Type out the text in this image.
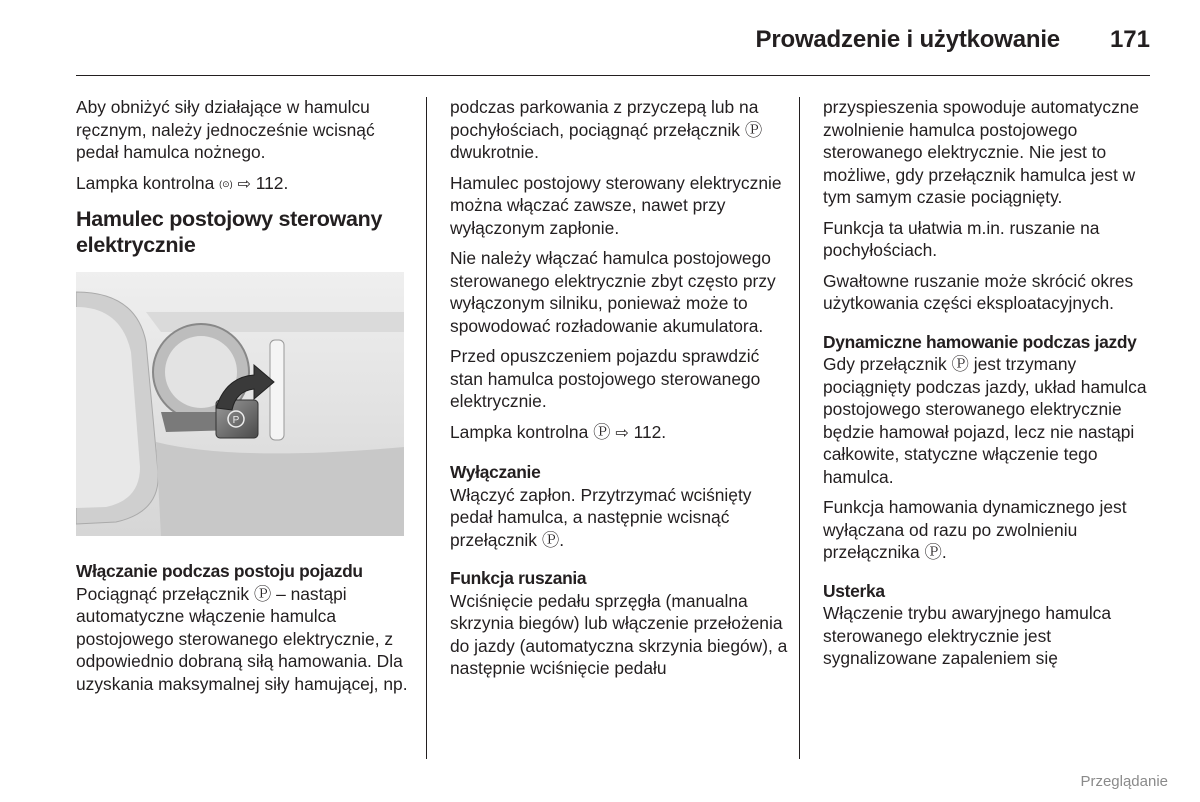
Prowadzenie i użytkowanie 171

Aby obniżyć siły działające w hamulcu ręcznym, należy jednocześnie wcisnąć pedał hamulca nożnego.

Lampka kontrolna (⊙) ⇨ 112.

Hamulec postojowy sterowany elektrycznie
P
Włączanie podczas postoju pojazdu

Pociągnąć przełącznik Ⓟ – nastąpi automatyczne włączenie hamulca postojowego sterowanego elektrycznie, z odpowiednio dobraną siłą hamowania. Dla uzyskania maksymalnej siły hamującej, np.

podczas parkowania z przyczepą lub na pochyłościach, pociągnąć przełącznik Ⓟ dwukrotnie.

Hamulec postojowy sterowany elektrycznie można włączać zawsze, nawet przy wyłączonym zapłonie.

Nie należy włączać hamulca postojowego sterowanego elektrycznie zbyt często przy wyłączonym silniku, ponieważ może to spowodować rozładowanie akumulatora.

Przed opuszczeniem pojazdu sprawdzić stan hamulca postojowego sterowanego elektrycznie.

Lampka kontrolna Ⓟ ⇨ 112.

Wyłączanie

Włączyć zapłon. Przytrzymać wciśnięty pedał hamulca, a następnie wcisnąć przełącznik Ⓟ.

Funkcja ruszania

Wciśnięcie pedału sprzęgła (manualna skrzynia biegów) lub włączenie przełożenia do jazdy (automatyczna skrzynia biegów), a następnie wciśnięcie pedału

przyspieszenia spowoduje automatyczne zwolnienie hamulca postojowego sterowanego elektrycznie. Nie jest to możliwe, gdy przełącznik hamulca jest w tym samym czasie pociągnięty.

Funkcja ta ułatwia m.in. ruszanie na pochyłościach.

Gwałtowne ruszanie może skrócić okres użytkowania części eksploatacyjnych.

Dynamiczne hamowanie podczas jazdy

Gdy przełącznik Ⓟ jest trzymany pociągnięty podczas jazdy, układ hamulca postojowego sterowanego elektrycznie będzie hamował pojazd, lecz nie nastąpi całkowite, statyczne włączenie tego hamulca.

Funkcja hamowania dynamicznego jest wyłączana od razu po zwolnieniu przełącznika Ⓟ.

Usterka

Włączenie trybu awaryjnego hamulca sterowanego elektrycznie jest sygnalizowane zapaleniem się

Przeglądanie
